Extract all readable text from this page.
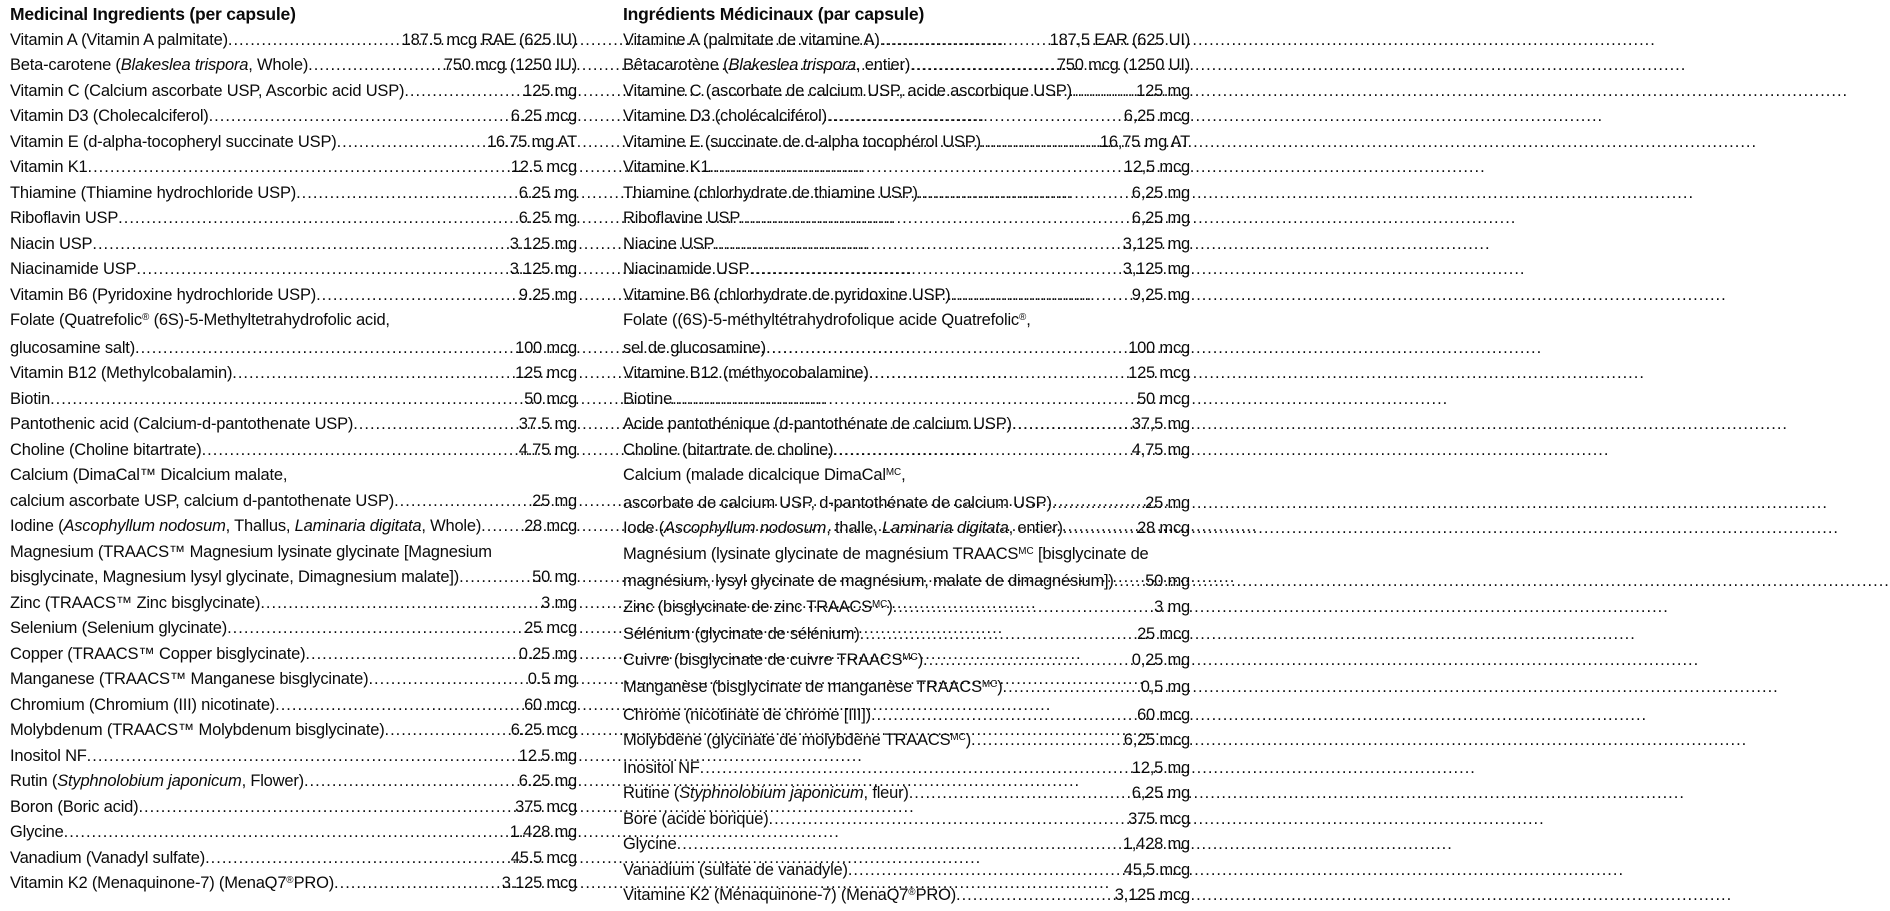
Medicinal Ingredients (per capsule)
Vitamin A (Vitamin A palmitate) .....	187.5 mcg RAE (625 IU)
Beta-carotene (Blakeslea trispora, Whole) .....	750 mcg (1250 IU)
Vitamin C (Calcium ascorbate USP, Ascorbic acid USP) .....	125 mg
Vitamin D3 (Cholecalciferol) .....	6.25 mcg
Vitamin E (d-alpha-tocopheryl succinate USP) .....	16.75 mg AT
Vitamin K1 .....	12.5 mcg
Thiamine (Thiamine hydrochloride USP) .....	6.25 mg
Riboflavin USP .....	6.25 mg
Niacin USP .....	3.125 mg
Niacinamide USP .....	3.125 mg
Vitamin B6 (Pyridoxine hydrochloride USP) .....	9.25 mg
Folate (Quatrefolic® (6S)-5-Methyltetrahydrofolic acid,
glucosamine salt) .....	100 mcg
Vitamin B12 (Methylcobalamin) .....	125 mcg
Biotin .....	50 mcg
Pantothenic acid (Calcium-d-pantothenate USP) .....	37.5 mg
Choline (Choline bitartrate) .....	4.75 mg
Calcium (DimaCal™ Dicalcium malate,
calcium ascorbate USP, calcium d-pantothenate USP) .....	25 mg
Iodine (Ascophyllum nodosum, Thallus, Laminaria digitata, Whole) .....	28 mcg
Magnesium (TRAACS™ Magnesium lysinate glycinate [Magnesium
bisglycinate, Magnesium lysyl glycinate, Dimagnesium malate]) .....	50 mg
Zinc (TRAACS™ Zinc bisglycinate) .....	3 mg
Selenium (Selenium glycinate) .....	25 mcg
Copper (TRAACS™ Copper bisglycinate) .....	0.25 mg
Manganese (TRAACS™ Manganese bisglycinate) .....	0.5 mg
Chromium (Chromium (III) nicotinate) .....	60 mcg
Molybdenum (TRAACS™ Molybdenum bisglycinate) .....	6.25 mcg
Inositol NF .....	12.5 mg
Rutin (Styphnolobium japonicum, Flower) .....	6.25 mg
Boron (Boric acid) .....	375 mcg
Glycine .....	1.428 mg
Vanadium (Vanadyl sulfate) .....	45.5 mcg
Vitamin K2 (Menaquinone-7) (MenaQ7®PRO) .....	3.125 mcg
Ingrédients Médicinaux (par capsule)
Vitamine A (palmitate de vitamine A) .....	187,5 EAR (625 UI)
Bêtacarotène (Blakeslea trispora, entier) .....	750 mcg (1250 UI)
Vitamine C (ascorbate de calcium USP, acide ascorbique USP) .....	125 mg
Vitamine D3 (cholécalciférol) .....	6,25 mcg
Vitamine E (succinate de d-alpha tocophérol USP) .....	16,75 mg AT
Vitamine K1 .....	12,5 mcg
Thiamine (chlorhydrate de thiamine USP) .....	6,25 mg
Riboflavine USP .....	6,25 mg
Niacine USP .....	3,125 mg
Niacinamide USP .....	3,125 mg
Vitamine B6 (chlorhydrate de pyridoxine USP) .....	9,25 mg
Folate ((6S)-5-méthyltétrahydrofolique acide Quatrefolic®,
sel de glucosamine) .....	100 mcg
Vitamine B12 (méthyocobalamine) .....	125 mcg
Biotine .....	50 mcg
Acide pantothénique (d-pantothénate de calcium USP) .....	37,5 mg
Choline (bitartrate de choline) .....	4,75 mg
Calcium (malade dicalcique DimaCal$^{MC}$,
ascorbate de calcium USP, d-pantothénate de calcium USP) .....	25 mg
Iode (Ascophyllum nodosum, thalle, Laminaria digitata, entier) .....	28 mcg
Magnésium (lysinate glycinate de magnésium $TRAACS^{MC}$ [bisglycinate de
magnésium, lysyl glycinate de magnésium, malate de dimagnésium]) ..... 50 mg
Zinc (bisglycinate de zinc $TRAACS^{MC}$) .....	3 mg
Sélénium (glycinate de sélénium) .....	25 mcg
Cuivre (bisglycinate de cuivre $TRAACS^{MC}$) .....	0,25 mg
Manganèse (bisglycinate de manganèse $TRAACS^{MC}$) .....	0,5 mg
Chrome (nicotinate de chrome [III]) .....	60 mcg
Molybdène (glycinate de molybdène $TRAACS^{MC}$) .....	6,25 mcg
Inositol NF .....	12,5 mg
Rutine (Styphnolobium japonicum, fleur) .....	6,25 mg
Bore (acide borique) .....	375 mcg
Glycine .....	1,428 mg
Vanadium (sulfate de vanadyle) .....	45,5 mcg
Vitamine K2 (Ménaquinone-7) (MenaQ7®PRO) .....	3,125 mcg
